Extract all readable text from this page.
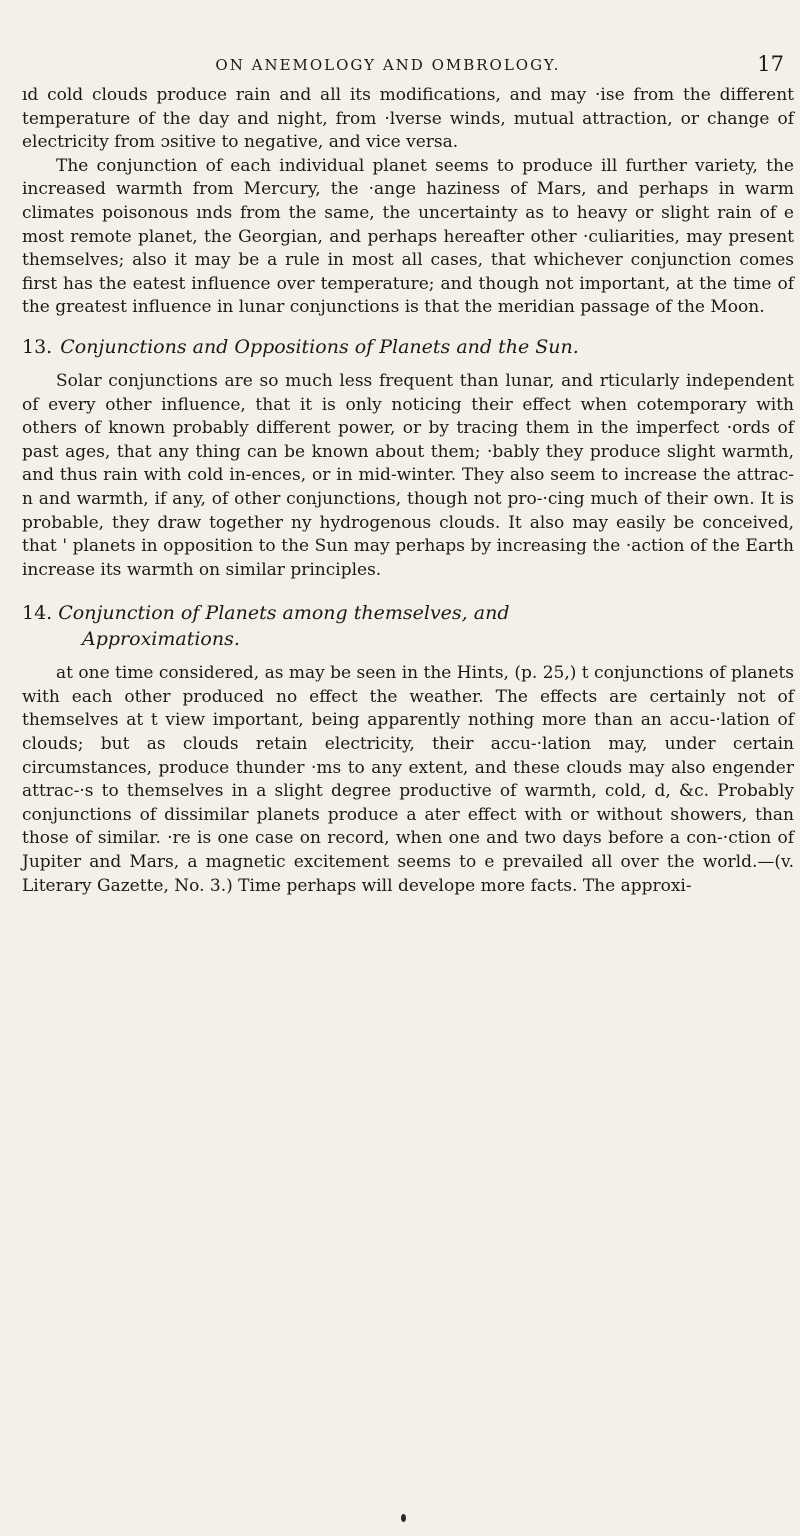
ON ANEMOLOGY AND OMBROLOGY.	17

ıd cold clouds produce rain and all its modifications, and may ·ise from the different temperature of the day and night, from ·lverse winds, mutual attraction, or change of electricity from ɔsitive to negative, and vice versa.

The conjunction of each individual planet seems to produce ill further variety, the increased warmth from Mercury, the ·ange haziness of Mars, and perhaps in warm climates poisonous ınds from the same, the uncertainty as to heavy or slight rain of e most remote planet, the Georgian, and perhaps hereafter other ·culiarities, may present themselves; also it may be a rule in most all cases, that whichever conjunction comes first has the eatest influence over temperature; and though not important, at the time of the greatest influence in lunar conjunctions is that the meridian passage of the Moon.

13. Conjunctions and Oppositions of Planets and the Sun.

Solar conjunctions are so much less frequent than lunar, and rticularly independent of every other influence, that it is only noticing their effect when cotemporary with others of known probably different power, or by tracing them in the imperfect ·ords of past ages, that any thing can be known about them; ·bably they produce slight warmth, and thus rain with cold in-ences, or in mid-winter. They also seem to increase the attrac-n and warmth, if any, of other conjunctions, though not pro-·cing much of their own. It is probable, they draw together ny hydrogenous clouds. It also may easily be conceived, that ' planets in opposition to the Sun may perhaps by increasing the ·action of the Earth increase its warmth on similar principles.

14. Conjunction of Planets among themselves, and
Approximations.

at one time considered, as may be seen in the Hints, (p. 25,) t conjunctions of planets with each other produced no effect the weather. The effects are certainly not of themselves at t view important, being apparently nothing more than an accu-·lation of clouds; but as clouds retain electricity, their accu-·lation may, under certain circumstances, produce thunder ·ms to any extent, and these clouds may also engender attrac-·s to themselves in a slight degree productive of warmth, cold, d, &c. Probably conjunctions of dissimilar planets produce a ater effect with or without showers, than those of similar. ·re is one case on record, when one and two days before a con-·ction of Jupiter and Mars, a magnetic excitement seems to e prevailed all over the world.—(v. Literary Gazette, No. 3.) Time perhaps will develope more facts. The approxi-
